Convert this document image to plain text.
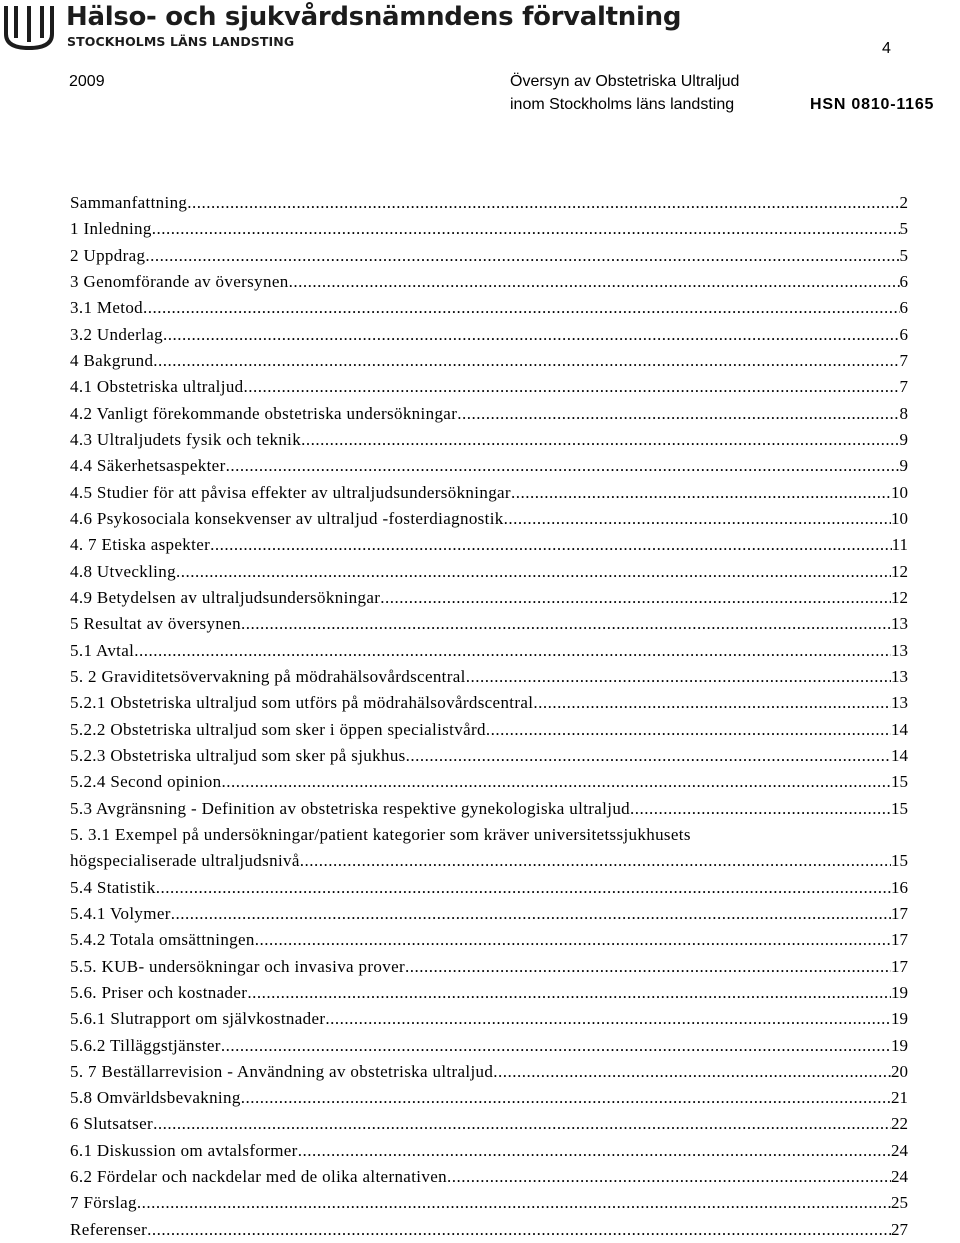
Hälso- och sjukvårdsnämndens förvaltning
STOCKHOLMS LÄNS LANDSTING	4
2009	Översyn av Obstetriska Ultraljud
inom Stockholms läns landsting	HSN 0810-1165
Sammanfattning .....	2
1 Inledning .....	5
2 Uppdrag .....	5
3 Genomförande av översynen .....	6
3.1 Metod .....	6
3.2 Underlag .....	6
4 Bakgrund .....	7
4.1 Obstetriska ultraljud .....	7
4.2 Vanligt förekommande obstetriska undersökningar .....	8
4.3 Ultraljudets fysik och teknik .....	9
4.4 Säkerhetsaspekter .....	9
4.5 Studier för att påvisa effekter av ultraljudsundersökningar .....	10
4.6 Psykosociala konsekvenser av ultraljud -fosterdiagnostik .....	10
4. 7 Etiska aspekter .....	11
4.8 Utveckling .....	12
4.9 Betydelsen av ultraljudsundersökningar .....	12
5 Resultat av översynen .....	13
5.1 Avtal .....	13
5. 2 Graviditetsövervakning på mödrahälsovårdscentral .....	13
5.2.1 Obstetriska ultraljud som utförs på mödrahälsovårdscentral .....	13
5.2.2 Obstetriska ultraljud som sker i öppen specialistvård .....	14
5.2.3 Obstetriska ultraljud som sker på sjukhus .....	14
5.2.4 Second opinion .....	15
5.3 Avgränsning - Definition av obstetriska respektive gynekologiska ultraljud .....	15
5. 3.1 Exempel på undersökningar/patient kategorier som kräver universitetssjukhusets
högspecialiserade ultraljudsnivå .....	15
5.4 Statistik .....	16
5.4.1 Volymer .....	17
5.4.2 Totala omsättningen .....	17
5.5. KUB- undersökningar och invasiva prover .....	17
5.6. Priser och kostnader .....	19
5.6.1 Slutrapport om självkostnader .....	19
5.6.2 Tilläggstjänster .....	19
5. 7 Beställarrevision - Användning av obstetriska ultraljud .....	20
5.8 Omvärldsbevakning .....	21
6 Slutsatser .....	22
6.1 Diskussion om avtalsformer .....	24
6.2 Fördelar och nackdelar med de olika alternativen .....	24
7 Förslag .....	25
Referenser .....	27
